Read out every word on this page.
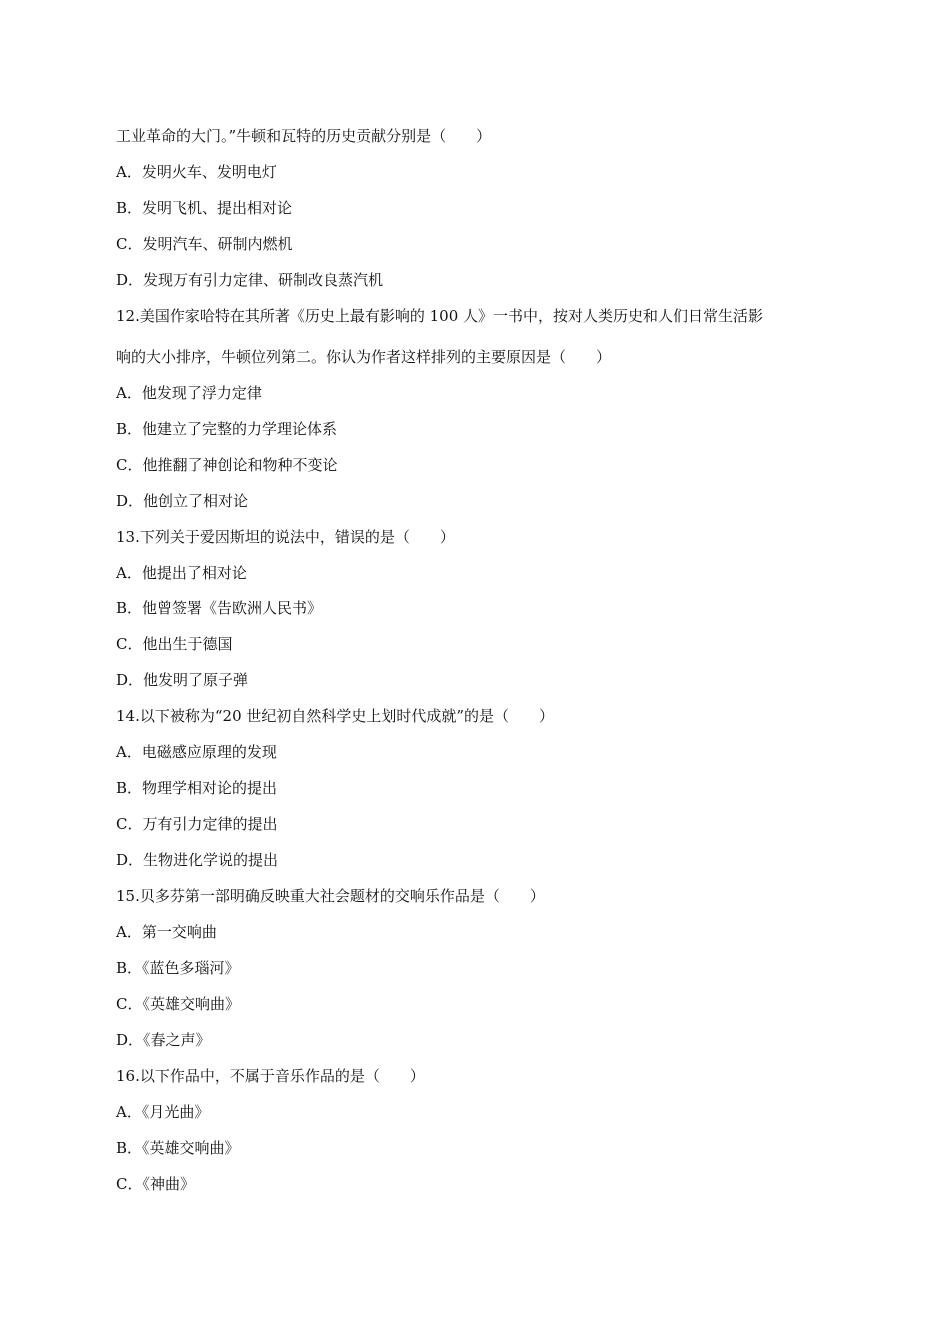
工业革命的大门。”牛顿和瓦特的历史贡献分别是（　　）
A．发明火车、发明电灯
B．发明飞机、提出相对论
C．发明汽车、研制内燃机
D．发现万有引力定律、研制改良蒸汽机
12.美国作家哈特在其所著《历史上最有影响的 100 人》一书中，按对人类历史和人们日常生活影
响的大小排序，牛顿位列第二。你认为作者这样排列的主要原因是（　　）
A．他发现了浮力定律
B．他建立了完整的力学理论体系
C．他推翻了神创论和物种不变论
D．他创立了相对论
13.下列关于爱因斯坦的说法中，错误的是（　　）
A．他提出了相对论
B．他曾签署《告欧洲人民书》
C．他出生于德国
D．他发明了原子弹
14.以下被称为“20 世纪初自然科学史上划时代成就”的是（　　）
A．电磁感应原理的发现
B．物理学相对论的提出
C．万有引力定律的提出
D．生物进化学说的提出
15.贝多芬第一部明确反映重大社会题材的交响乐作品是（　　）
A．第一交响曲
B．《蓝色多瑙河》
C．《英雄交响曲》
D．《春之声》
16.以下作品中，不属于音乐作品的是（　　）
A．《月光曲》
B．《英雄交响曲》
C．《神曲》
